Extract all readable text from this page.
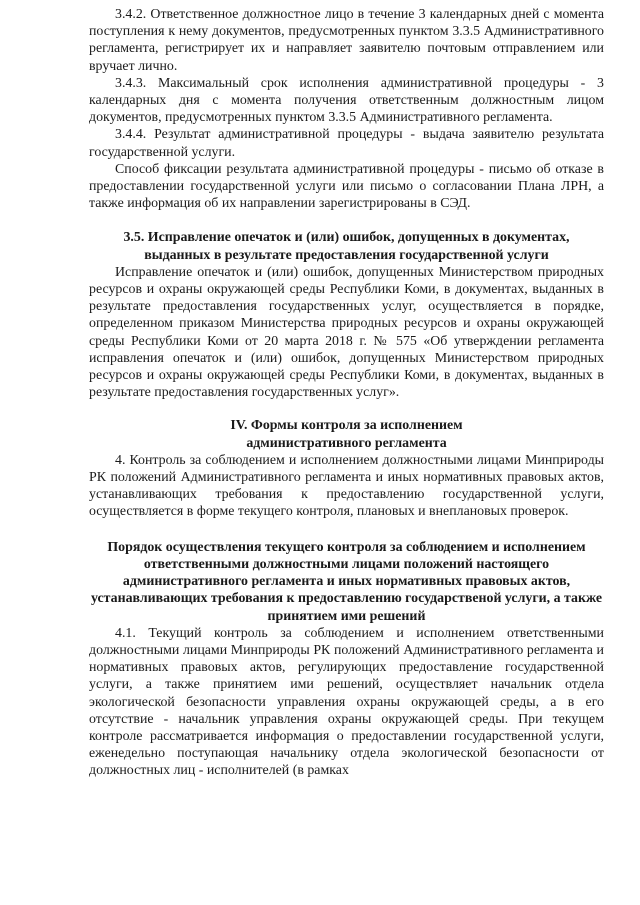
3.4.2. Ответственное должностное лицо в течение 3 календарных дней с момента поступления к нему документов, предусмотренных пунктом 3.3.5 Административного регламента, регистрирует их и направляет заявителю почтовым отправлением или вручает лично.

3.4.3. Максимальный срок исполнения административной процедуры - 3 календарных дня с момента получения ответственным должностным лицом документов, предусмотренных пунктом 3.3.5 Административного регламента.

3.4.4. Результат административной процедуры - выдача заявителю результата государственной услуги.

Способ фиксации результата административной процедуры - письмо об отказе в предоставлении государственной услуги или письмо о согласовании Плана ЛРН, а также информация об их направлении зарегистрированы в СЭД.

3.5. Исправление опечаток и (или) ошибок, допущенных в документах, выданных в результате предоставления государственной услуги

Исправление опечаток и (или) ошибок, допущенных Министерством природных ресурсов и охраны окружающей среды Республики Коми, в документах, выданных в результате предоставления государственных услуг, осуществляется в порядке, определенном приказом Министерства природных ресурсов и охраны окружающей среды Республики Коми от 20 марта 2018 г. № 575 «Об утверждении регламента исправления опечаток и (или) ошибок, допущенных Министерством природных ресурсов и охраны окружающей среды Республики Коми, в документах, выданных в результате предоставления государственных услуг».

IV. Формы контроля за исполнением

административного регламента

4. Контроль за соблюдением и исполнением должностными лицами Минприроды РК положений Административного регламента и иных нормативных правовых актов, устанавливающих требования к предоставлению государственной услуги, осуществляется в форме текущего контроля, плановых и внеплановых проверок.

Порядок осуществления текущего контроля за соблюдением и исполнением ответственными должностными лицами положений настоящего административного регламента и иных нормативных правовых актов, устанавливающих требования к предоставлению государственой услуги, а также принятием ими решений

4.1. Текущий контроль за соблюдением и исполнением ответственными должностными лицами Минприроды РК положений Административного регламента и нормативных правовых актов, регулирующих предоставление государственной услуги, а также принятием ими решений, осуществляет начальник отдела экологической безопасности управления охраны окружающей среды, а в его отсутствие - начальник управления охраны окружающей среды. При текущем контроле рассматривается информация о предоставлении государственной услуги, еженедельно поступающая начальнику отдела экологической безопасности от должностных лиц - исполнителей (в рамках
